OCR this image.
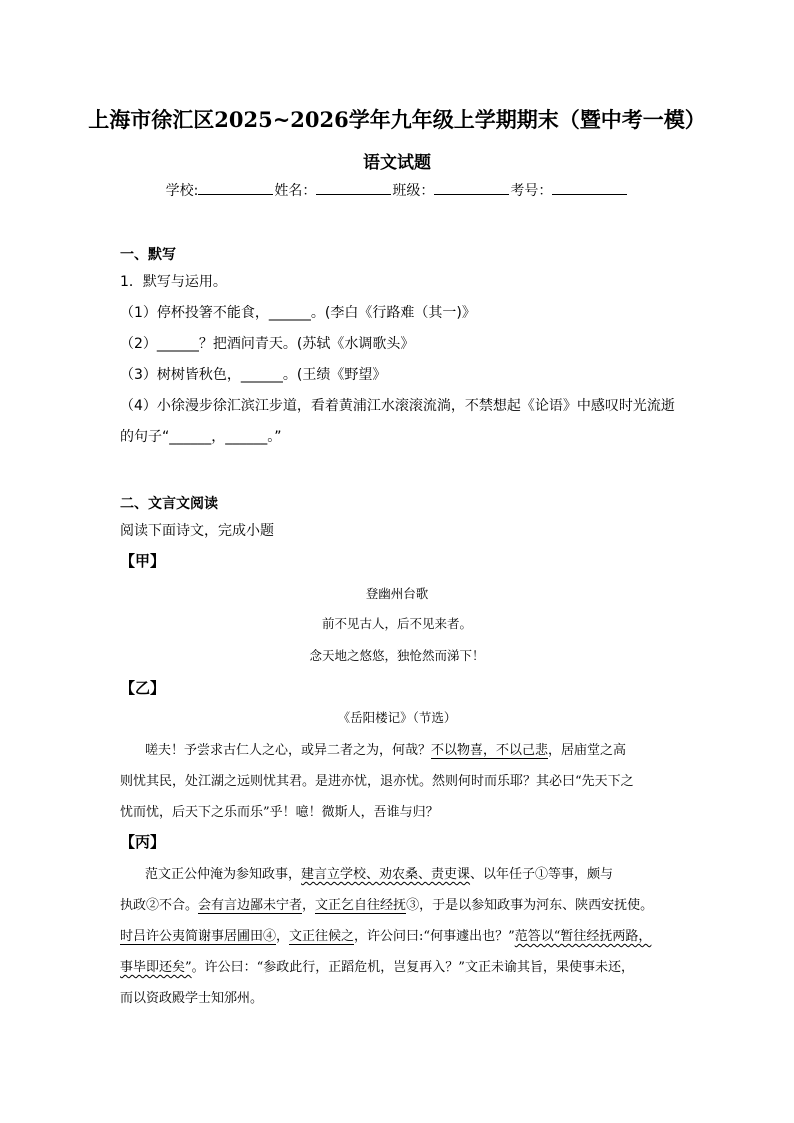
上海市徐汇区2025~2026学年九年级上学期期末（暨中考一模）
语文试题
学校:	姓名：	班级：	考号：
一、默写
1．默写与运用。
（1）停杯投箸不能食，______。(李白《行路难（其一)》
（2）______？把酒问青天。(苏轼《水调歌头》
（3）树树皆秋色，______。(王绩《野望》
（4）小徐漫步徐汇滨江步道，看着黄浦江水滚滚流淌，不禁想起《论语》中感叹时光流逝
的句子“______，______。”
二、文言文阅读
阅读下面诗文，完成小题
【甲】
登幽州台歌
前不见古人，后不见来者。
念天地之悠悠，独怆然而涕下！
【乙】
《岳阳楼记》（节选）
嗟夫！予尝求古仁人之心，或异二者之为，何哉？不以物喜，不以己悲，居庙堂之高
则忧其民，处江湖之远则忧其君。是进亦忧，退亦忧。然则何时而乐耶？其必曰“先天下之
忧而忧，后天下之乐而乐”乎！噫！微斯人，吾谁与归？
【丙】
范文正公仲淹为参知政事，建言立学校、劝农桑、责吏课、以年任子①等事，颇与
执政②不合。会有言边鄙未宁者，文正乞自往经抚③，于是以参知政事为河东、陕西安抚使。
时吕许公夷简谢事居圃田④，文正往候之，许公问曰:“何事遽出也？”范答以“暂往经抚两路，
事毕即还矣”。许公曰：“参政此行，正蹈危机，岂复再入？”文正未谕其旨，果使事未还，
而以资政殿学士知邠州。
